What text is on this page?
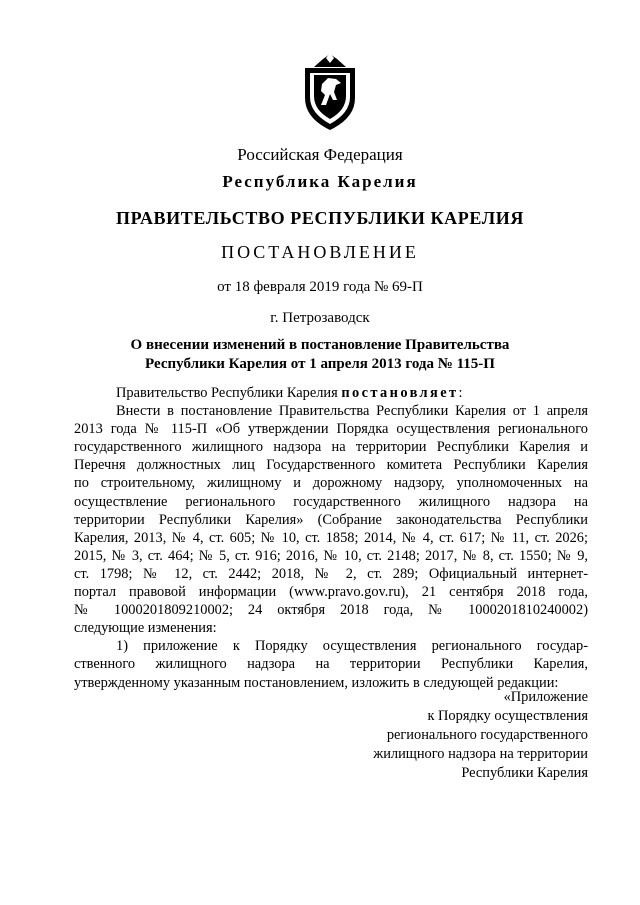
Российская Федерация
Республика Карелия
ПРАВИТЕЛЬСТВО РЕСПУБЛИКИ КАРЕЛИЯ
ПОСТАНОВЛЕНИЕ
от 18 февраля 2019 года № 69-П
г. Петрозаводск
О внесении изменений в постановление Правительства
Республики Карелия от 1 апреля 2013 года № 115-П
Правительство Республики Карелия постановляет:
Внести в постановление Правительства Республики Карелия от 1 апреля
2013 года № 115-П «Об утверждении Порядка осуществления регионального
государственного жилищного надзора на территории Республики Карелия и
Перечня должностных лиц Государственного комитета Республики Карелия
по строительному, жилищному и дорожному надзору, уполномоченных на
осуществление регионального государственного жилищного надзора на
территории Республики Карелия» (Собрание законодательства Республики
Карелия, 2013, № 4, ст. 605; № 10, ст. 1858; 2014, № 4, ст. 617; № 11, ст. 2026;
2015, № 3, ст. 464; № 5, ст. 916; 2016, № 10, ст. 2148; 2017, № 8, ст. 1550; № 9,
ст. 1798; № 12, ст. 2442; 2018, № 2, ст. 289; Официальный интернет-
портал правовой информации (www.pravo.gov.ru), 21 сентября 2018 года,
№ 1000201809210002; 24 октября 2018 года, № 1000201810240002)
следующие изменения:
1) приложение к Порядку осуществления регионального государ-
ственного жилищного надзора на территории Республики Карелия,
утвержденному указанным постановлением, изложить в следующей редакции:
«Приложение
к Порядку осуществления
регионального государственного
жилищного надзора на территории
Республики Карелия
